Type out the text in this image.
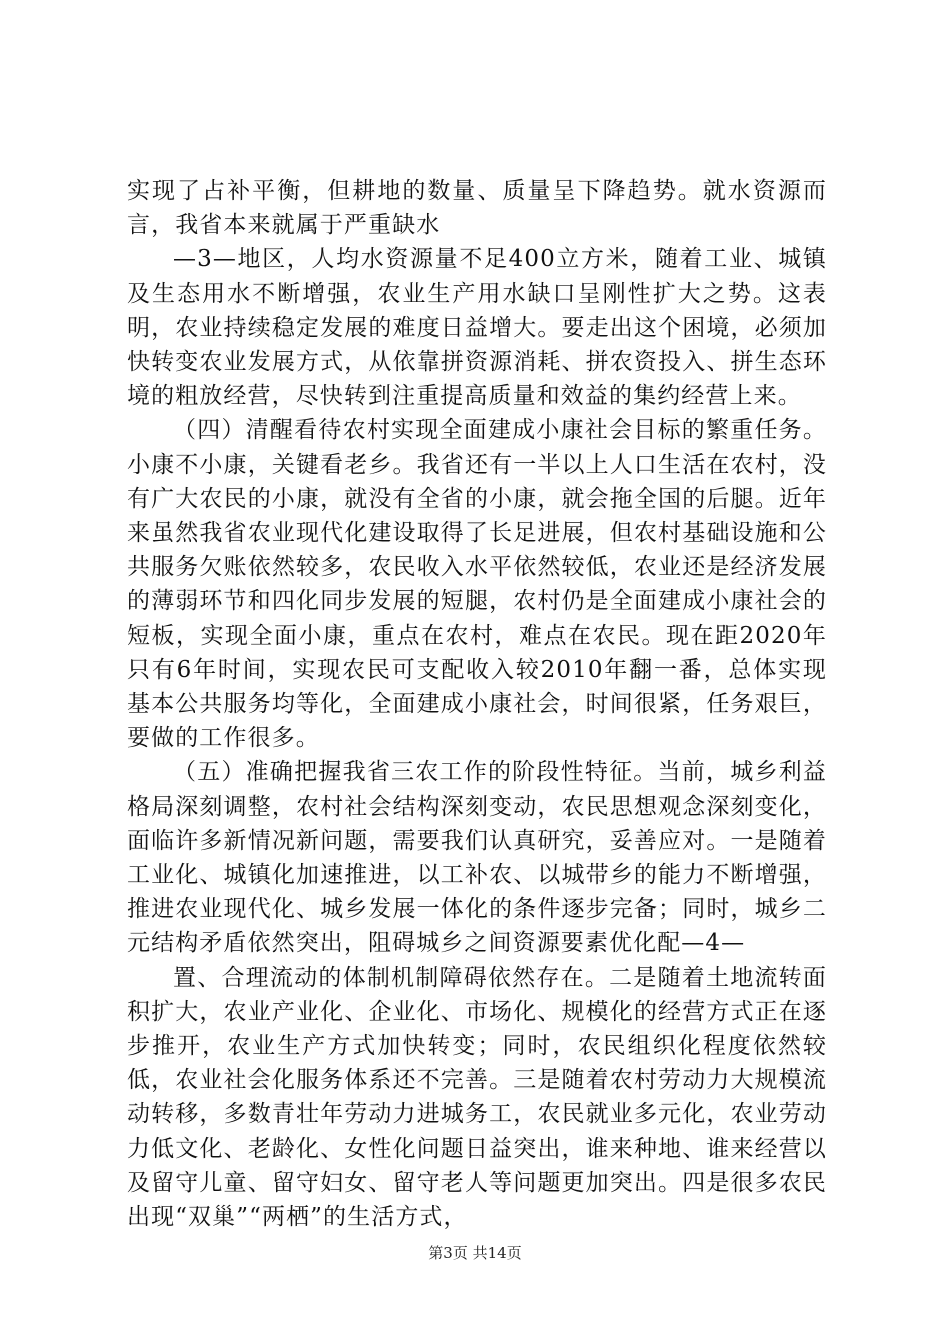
实现了占补平衡，但耕地的数量、质量呈下降趋势。就水资源而言，我省本来就属于严重缺水

—3—地区，人均水资源量不足400立方米，随着工业、城镇及生态用水不断增强，农业生产用水缺口呈刚性扩大之势。这表明，农业持续稳定发展的难度日益增大。要走出这个困境，必须加快转变农业发展方式，从依靠拼资源消耗、拼农资投入、拼生态环境的粗放经营，尽快转到注重提高质量和效益的集约经营上来。

（四）清醒看待农村实现全面建成小康社会目标的繁重任务。小康不小康，关键看老乡。我省还有一半以上人口生活在农村，没有广大农民的小康，就没有全省的小康，就会拖全国的后腿。近年来虽然我省农业现代化建设取得了长足进展，但农村基础设施和公共服务欠账依然较多，农民收入水平依然较低，农业还是经济发展的薄弱环节和四化同步发展的短腿，农村仍是全面建成小康社会的短板，实现全面小康，重点在农村，难点在农民。现在距2020年只有6年时间，实现农民可支配收入较2010年翻一番，总体实现基本公共服务均等化，全面建成小康社会，时间很紧，任务艰巨，要做的工作很多。

（五）准确把握我省三农工作的阶段性特征。当前，城乡利益格局深刻调整，农村社会结构深刻变动，农民思想观念深刻变化，面临许多新情况新问题，需要我们认真研究，妥善应对。一是随着工业化、城镇化加速推进，以工补农、以城带乡的能力不断增强，推进农业现代化、城乡发展一体化的条件逐步完备；同时，城乡二元结构矛盾依然突出，阻碍城乡之间资源要素优化配—4—

置、合理流动的体制机制障碍依然存在。二是随着土地流转面积扩大，农业产业化、企业化、市场化、规模化的经营方式正在逐步推开，农业生产方式加快转变；同时，农民组织化程度依然较低，农业社会化服务体系还不完善。三是随着农村劳动力大规模流动转移，多数青壮年劳动力进城务工，农民就业多元化，农业劳动力低文化、老龄化、女性化问题日益突出，谁来种地、谁来经营以及留守儿童、留守妇女、留守老人等问题更加突出。四是很多农民出现“双巢”“两栖”的生活方式，

第3页 共14页
